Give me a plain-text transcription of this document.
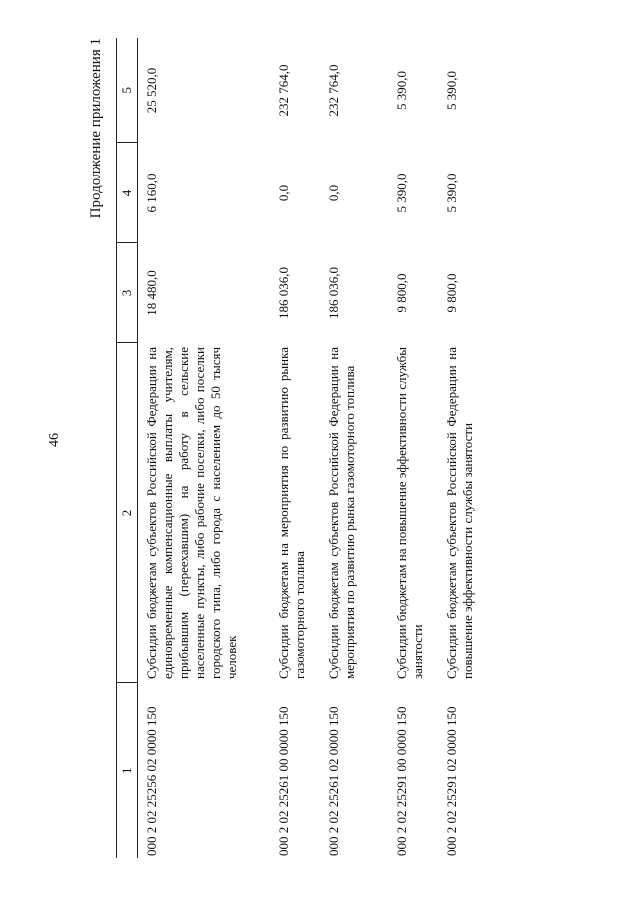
46
Продолжение приложения 1
1	2	3	4	5
000 2 02 25256 02 0000 150	Субсидии бюджетам субъектов Российской Федерации на единовременные компенсационные выплаты учителям, прибывшим (переехавшим) на работу в сельские населенные пункты, либо рабочие поселки, либо поселки городского типа, либо города с населением до 50 тысяч человек	18 480,0	6 160,0	25 520,0
000 2 02 25261 00 0000 150	Субсидии бюджетам на мероприятия по развитию рынка газомоторного топлива	186 036,0	0,0	232 764,0
000 2 02 25261 02 0000 150	Субсидии бюджетам субъектов Российской Федерации на мероприятия по развитию рынка газомоторного топлива	186 036,0	0,0	232 764,0
000 2 02 25291 00 0000 150	Субсидии бюджетам на повышение эффективности службы занятости	9 800,0	5 390,0	5 390,0
000 2 02 25291 02 0000 150	Субсидии бюджетам субъектов Российской Федерации на повышение эффективности службы занятости	9 800,0	5 390,0	5 390,0
